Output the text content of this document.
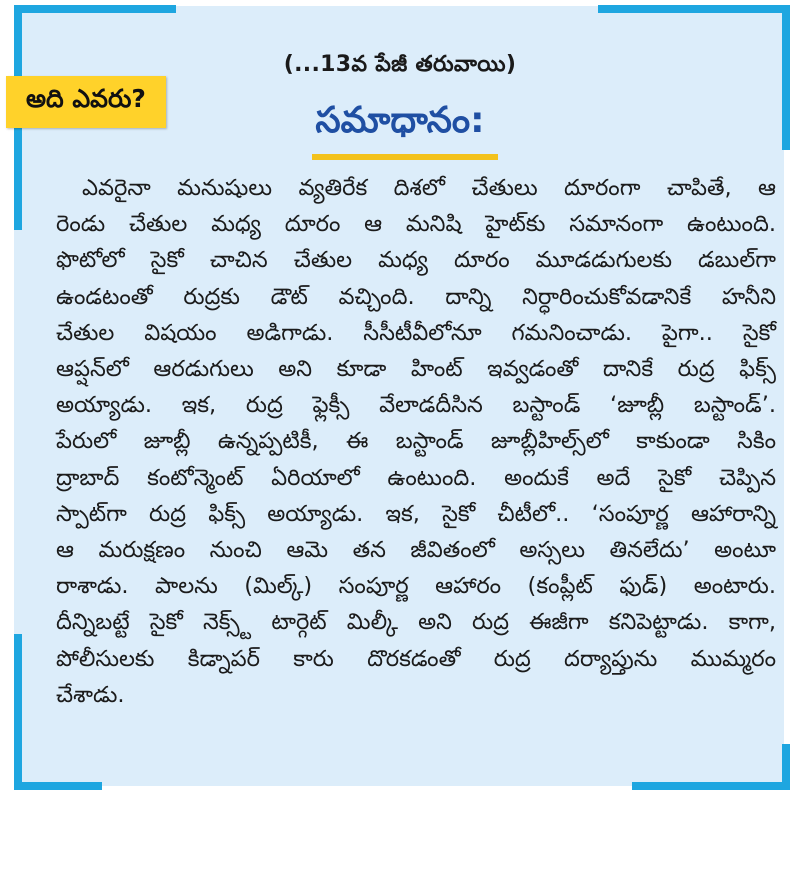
(...13వ పేజీ తరువాయి)
అది ఎవరు?
సమాధానం:
ఎవరైనా మనుషులు వ్యతిరేక దిశలో చేతులు దూరంగా చాపితే, ఆ
రెండు చేతుల మధ్య దూరం ఆ మనిషి హైట్‌కు సమానంగా ఉంటుంది.
ఫొటోలో సైకో చాచిన చేతుల మధ్య దూరం మూడడుగులకు డబుల్‌గా
ఉండటంతో రుద్రకు డౌట్ వచ్చింది. దాన్ని నిర్ధారించుకోవడానికే హనీని
చేతుల విషయం అడిగాడు. సీసీటీవీలోనూ గమనించాడు. పైగా.. సైకో
ఆప్షన్‌లో ఆరడుగులు అని కూడా హింట్ ఇవ్వడంతో దానికే రుద్ర ఫిక్స్
అయ్యాడు. ఇక, రుద్ర ఫ్లెక్సీ వేలాడదీసిన బస్టాండ్ ‘జూబ్లీ బస్టాండ్’.
పేరులో జూబ్లీ ఉన్నప్పటికీ, ఈ బస్టాండ్ జూబ్లీహిల్స్‌లో కాకుండా సికిం
ద్రాబాద్ కంటోన్మెంట్ ఏరియాలో ఉంటుంది. అందుకే అదే సైకో చెప్పిన
స్పాట్‌గా రుద్ర ఫిక్స్ అయ్యాడు. ఇక, సైకో చీటీలో.. ‘సంపూర్ణ ఆహారాన్ని
ఆ మరుక్షణం నుంచి ఆమె తన జీవితంలో అస్సలు తినలేదు’ అంటూ
రాశాడు. పాలను (మిల్క్) సంపూర్ణ ఆహారం (కంప్లీట్ ఫుడ్) అంటారు.
దీన్నిబట్టే సైకో నెక్స్ట్ టార్గెట్ మిల్కీ అని రుద్ర ఈజీగా కనిపెట్టాడు. కాగా,
పోలీసులకు కిడ్నాపర్ కారు దొరకడంతో రుద్ర దర్యాప్తును ముమ్మరం
చేశాడు.
